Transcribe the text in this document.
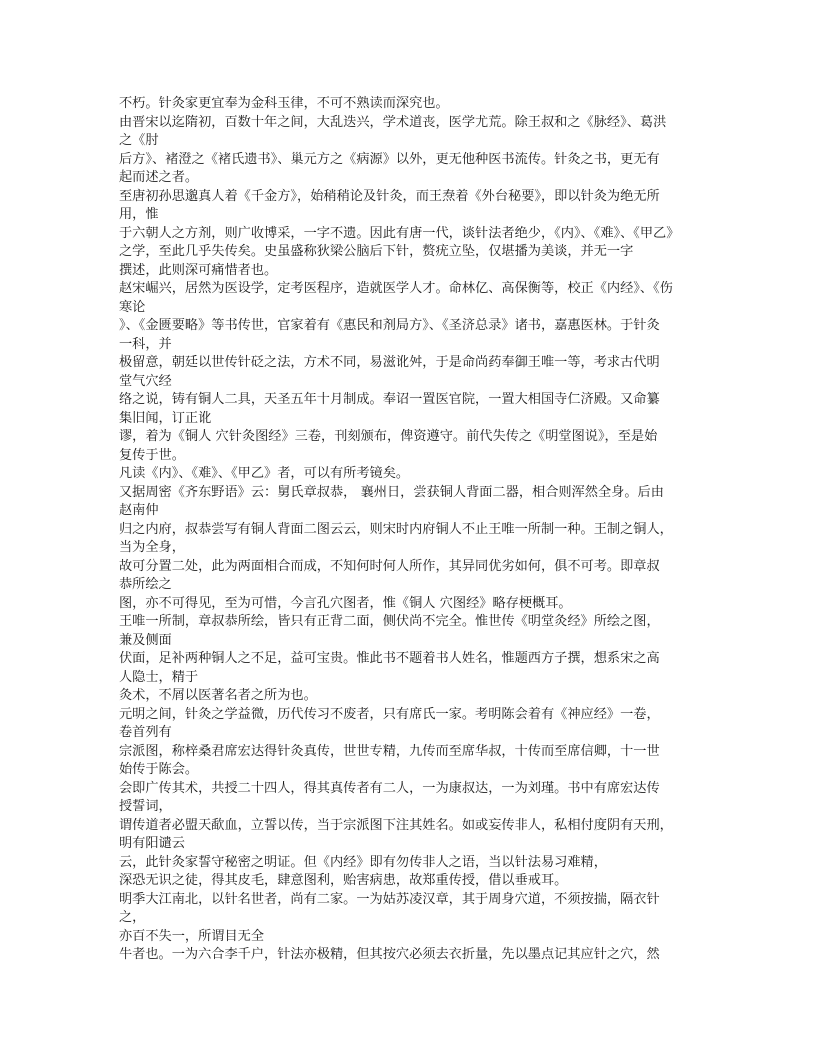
不朽。针灸家更宜奉为金科玉律，不可不熟读而深究也。
由晋宋以迄隋初，百数十年之间，大乱迭兴，学术道丧，医学尤荒。除王叔和之《脉经》、葛洪
之《肘
后方》、褚澄之《褚氏遗书》、巢元方之《病源》以外，更无他种医书流传。针灸之书，更无有
起而述之者。
至唐初孙思邈真人着《千金方》，始稍稍论及针灸，而王焘着《外台秘要》，即以针灸为绝无所
用，惟
于六朝人之方剂，则广收博采，一字不遗。因此有唐一代，谈针法者绝少，《内》、《难》、《甲乙》
之学，至此几乎失传矣。史虽盛称狄梁公脑后下针，赘疣立坠，仅堪播为美谈，并无一字
撰述，此则深可痛惜者也。
赵宋崛兴，居然为医设学，定考医程序，造就医学人才。命林亿、高保衡等，校正《内经》、《伤
寒论
》、《金匮要略》等书传世，官家着有《惠民和剂局方》、《圣济总录》诸书，嘉惠医林。于针灸
一科，并
极留意，朝廷以世传针砭之法，方术不同，易滋讹舛，于是命尚药奉御王唯一等，考求古代明
堂气穴经
络之说，铸有铜人二具，天圣五年十月制成。奉诏一置医官院，一置大相国寺仁济殿。又命纂
集旧闻，订正讹
谬，着为《铜人 穴针灸图经》三卷，刊刻颁布，俾资遵守。前代失传之《明堂图说》，至是始
复传于世。
凡读《内》、《难》、《甲乙》者，可以有所考镜矣。
又据周密《齐东野语》云：舅氏章叔恭， 襄州日，尝获铜人背面二器，相合则浑然全身。后由
赵南仲
归之内府，叔恭尝写有铜人背面二图云云，则宋时内府铜人不止王唯一所制一种。王制之铜人，
当为全身，
故可分置二处，此为两面相合而成，不知何时何人所作，其异同优劣如何，俱不可考。即章叔
恭所绘之
图，亦不可得见，至为可惜，今言孔穴图者，惟《铜人 穴图经》略存梗概耳。
王唯一所制，章叔恭所绘，皆只有正背二面，侧伏尚不完全。惟世传《明堂灸经》所绘之图，
兼及侧面
伏面，足补两种铜人之不足，益可宝贵。惟此书不题着书人姓名，惟题西方子撰，想系宋之高
人隐士，精于
灸术，不屑以医著名者之所为也。
元明之间，针灸之学益微，历代传习不废者，只有席氏一家。考明陈会着有《神应经》一卷，
卷首列有
宗派图，称梓桑君席宏达得针灸真传，世世专精，九传而至席华叔，十传而至席信卿，十一世
始传于陈会。
会即广传其术，共授二十四人，得其真传者有二人，一为康叔达，一为刘瑾。书中有席宏达传
授誓词，
谓传道者必盟天歃血，立誓以传，当于宗派图下注其姓名。如或妄传非人，私相付度阴有天刑，
明有阳谴云
云，此针灸家誓守秘密之明证。但《内经》即有勿传非人之语，当以针法易习难精，
深恐无识之徒，得其皮毛，肆意图利，贻害病患，故郑重传授，借以垂戒耳。
明季大江南北，以针名世者，尚有二家。一为姑苏凌汉章，其于周身穴道，不须按揣，隔衣针
之，
亦百不失一，所谓目无全
牛者也。一为六合李千户，针法亦极精，但其按穴必须去衣折量，先以墨点记其应针之穴，然
